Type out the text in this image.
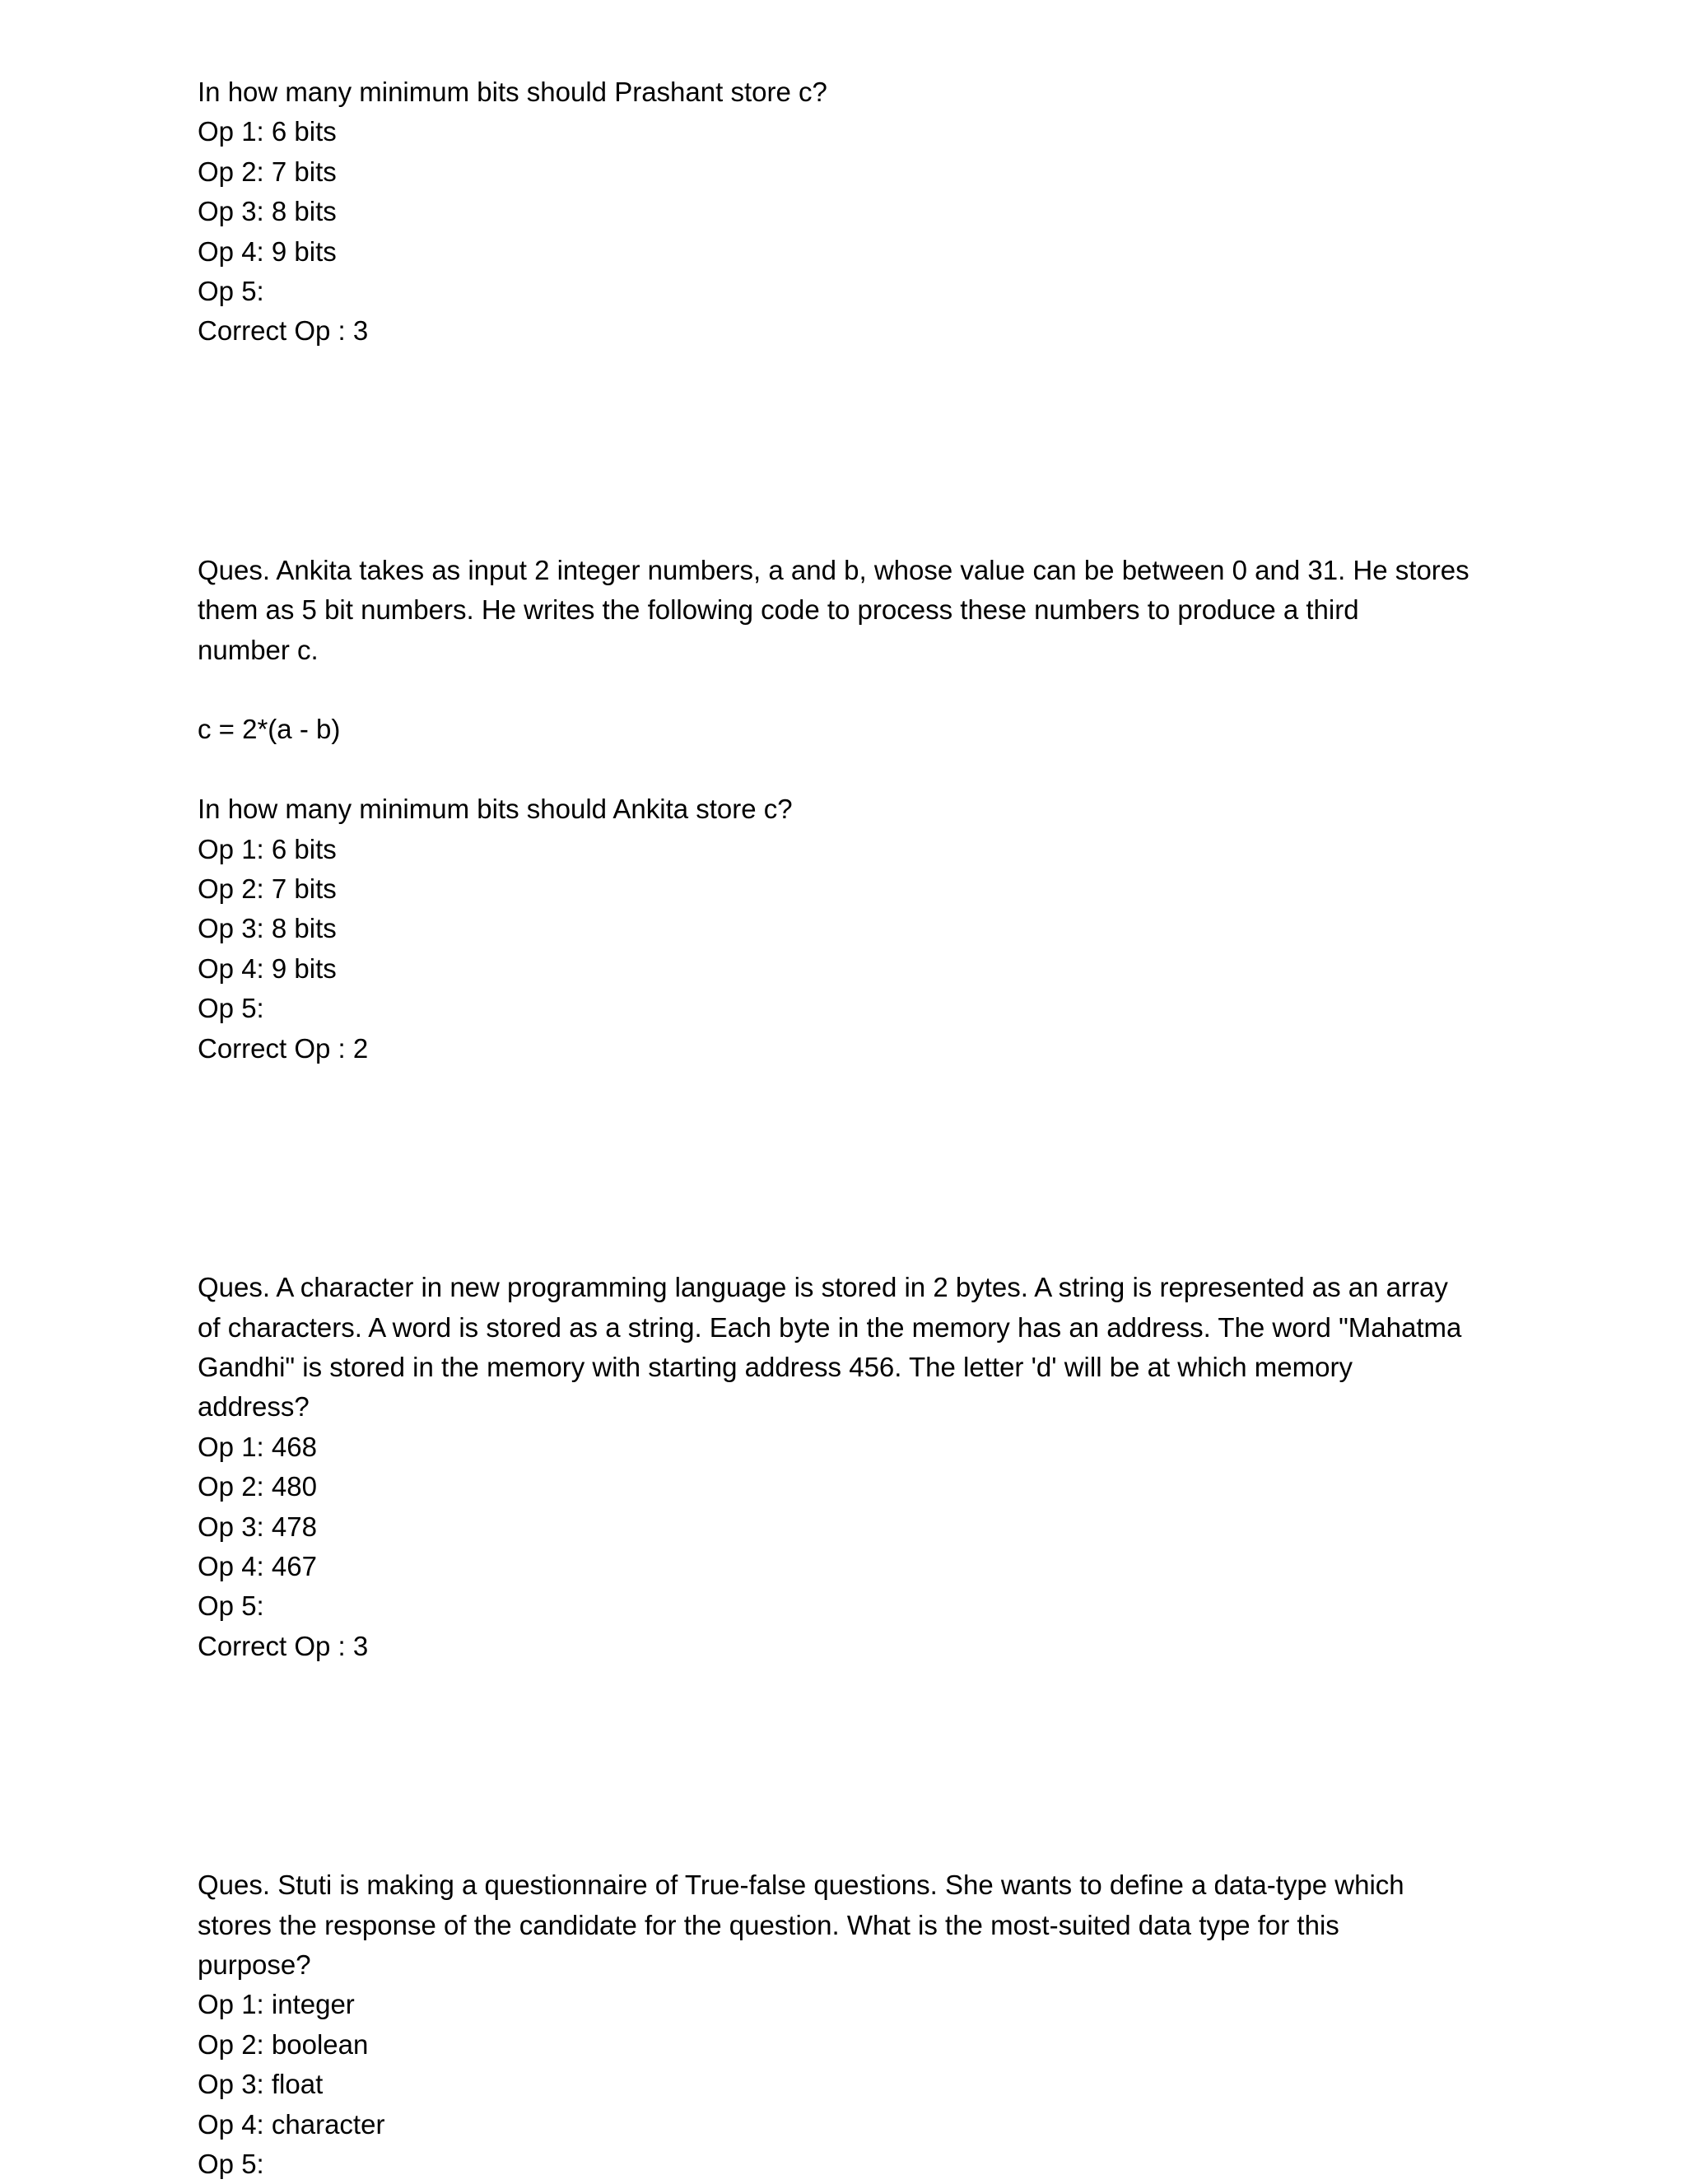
In how many minimum bits should Prashant store c?
Op 1: 6 bits
Op 2: 7 bits
Op 3: 8 bits
Op 4: 9 bits
Op 5:
Correct Op : 3
Ques. Ankita takes as input 2 integer numbers, a and b, whose value can be between 0 and 31. He stores
them as 5 bit numbers. He writes the following code to process these numbers to produce a third
number c.
c = 2*(a - b)
In how many minimum bits should Ankita store c?
Op 1: 6 bits
Op 2: 7 bits
Op 3: 8 bits
Op 4: 9 bits
Op 5:
Correct Op : 2
Ques. A character in new programming language is stored in 2 bytes. A string is represented as an array
of characters. A word is stored as a string. Each byte in the memory has an address. The word "Mahatma
Gandhi" is stored in the memory with starting address 456. The letter 'd' will be at which memory
address?
Op 1: 468
Op 2: 480
Op 3: 478
Op 4: 467
Op 5:
Correct Op : 3
Ques. Stuti is making a questionnaire of True-false questions. She wants to define a data-type which
stores the response of the candidate for the question. What is the most-suited data type for this
purpose?
Op 1: integer
Op 2: boolean
Op 3: float
Op 4: character
Op 5:
